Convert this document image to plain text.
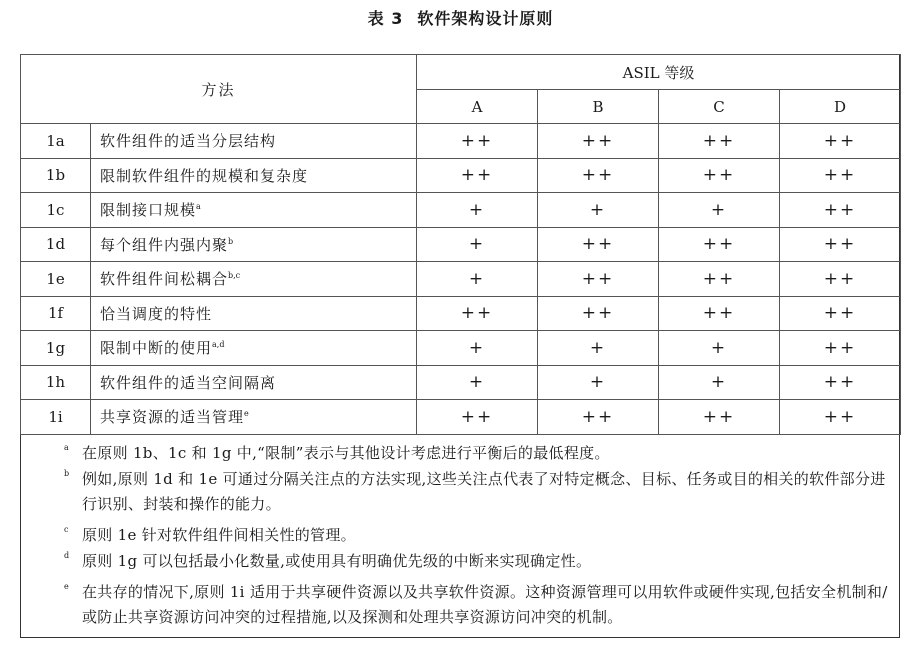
表 3 软件架构设计原则
方法		ASIL 等级			
		A	B	C	D
1a	软件组件的适当分层结构	++	++	++	++
1b	限制软件组件的规模和复杂度	++	++	++	++
1c	限制接口规模$^a$	+	+	+	++
1d	每个组件内强内聚$^b$	+	++	++	++
1e	软件组件间松耦合$^{b,c}$	+	++	++	++
1f	恰当调度的特性	++	++	++	++
1g	限制中断的使用$^{a,d}$	+	+	+	++
1h	软件组件的适当空间隔离	+	+	+	++
1i	共享资源的适当管理$^e$	++	++	++	++
a 在原则 1b、1c 和 1g 中,“限制”表示与其他设计考虑进行平衡后的最低程度。
b 例如,原则 1d 和 1e 可通过分隔关注点的方法实现,这些关注点代表了对特定概念、目标、任务或目的相关的软件部分进行识别、封装和操作的能力。
c 原则 1e 针对软件组件间相关性的管理。
d 原则 1g 可以包括最小化数量,或使用具有明确优先级的中断来实现确定性。
e 在共存的情况下,原则 1i 适用于共享硬件资源以及共享软件资源。这种资源管理可以用软件或硬件实现,包括安全机制和/或防止共享资源访问冲突的过程措施,以及探测和处理共享资源访问冲突的机制。
